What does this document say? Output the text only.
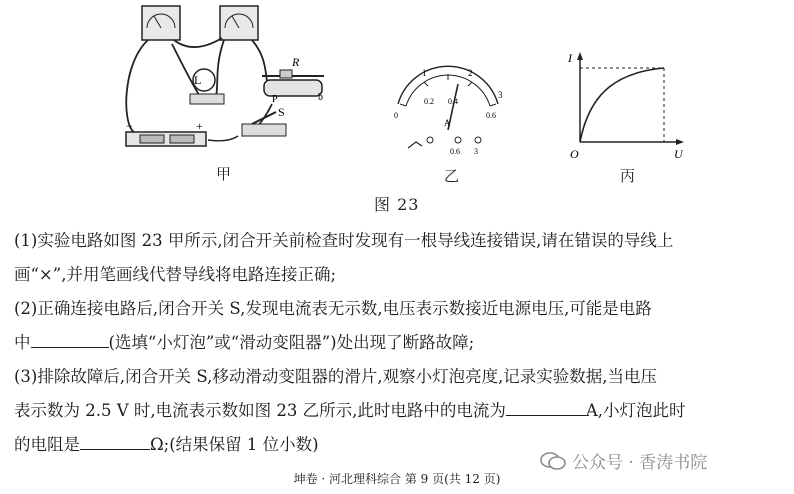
L
R
P	b
S
−	+
甲
1	2
3
0
0.2 0.4
0.6
A
0.6 3
乙
I
U
O
丙
图 23
(1)实验电路如图 23 甲所示,闭合开关前检查时发现有一根导线连接错误,请在错误的导线上
画“×”,并用笔画线代替导线将电路连接正确;
(2)正确连接电路后,闭合开关 S,发现电流表无示数,电压表示数接近电源电压,可能是电路
中	(选填“小灯泡”或“滑动变阻器”)处出现了断路故障;
(3)排除故障后,闭合开关 S,移动滑动变阻器的滑片,观察小灯泡亮度,记录实验数据,当电压
表示数为 2.5 V 时,电流表示数如图 23 乙所示,此时电路中的电流为	A,小灯泡此时
的电阻是	Ω;(结果保留 1 位小数)
公众号 · 香涛书院
坤卷 · 河北理科综合 第 9 页(共 12 页)
